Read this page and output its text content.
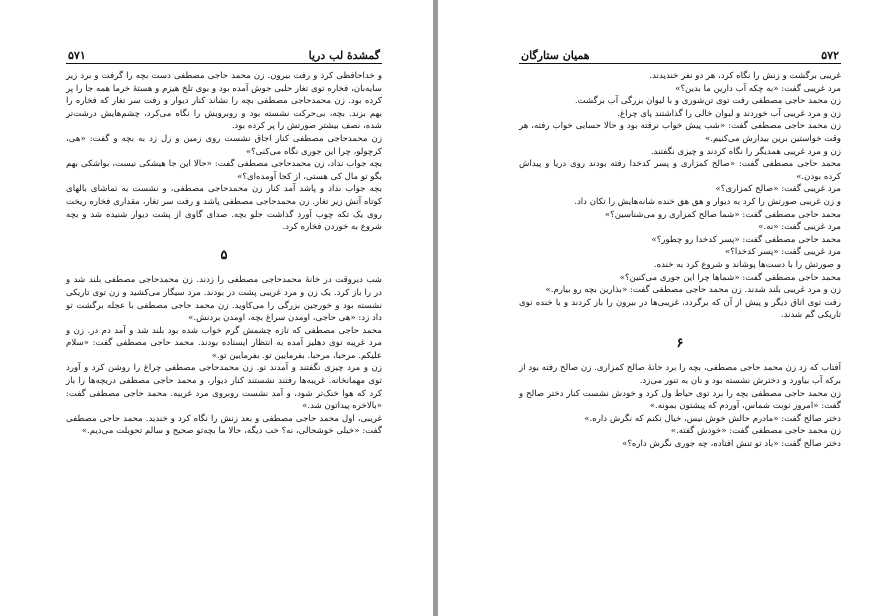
۵۷۱	گمشدهٔ لب دریا

و خداحافظی کرد و رفت بیرون. زن محمد حاجی مصطفی دست بچه را گرفت و برد زیر سایه‌بان، فخاره توی تغار حلبی جوش آمده بود و بوی تلخ هیزم و هستهٔ خرما همه جا را پر کرده بود. زن محمدحاجی مصطفی بچه را نشاند کنار دیوار و رفت سر تغار که فخاره را بهم بزند. بچه، بی‌حرکت نشسته بود و روبرویش را نگاه می‌کرد، چشم‌هایش درشت‌تر شده، نصف بیشتر صورتش را پر کرده بود.

زن محمدحاجی مصطفی کنار اجاق نشست روی زمین و زل زد به بچه و گفت: «هی، کرچولو، چرا این جوری نگاه می‌کنی؟»

بچه جواب نداد، زن محمدحاجی مصطفی گفت: «حالا این جا هیشکی نیست، بواشکی بهم بگو تو مال کی هستی، از کجا آومده‌ای؟»

بچه جواب نداد و پاشد آمد کنار زن محمدحاجی مصطفی، و نشست به تماشای بالهای کوتاه آتش زیر تغار. زن محمدحاجی مصطفی پاشد و رفت سر تغار، مقداری فخاره ریخت روی یک تکه چوب آورد گذاشت جلو بچه. صدای گاوی از پشت دیوار شنیده شد و بچه شروع به خوردن فخاره کرد.

۵

شب دیروقت در خانهٔ محمدحاجی مصطفی را زدند. زن محمدحاجی مصطفی بلند شد و در را باز کرد. یک زن و مرد غریبی پشت در بودند. مرد سیگار می‌کشید و زن توی تاریکی نشسته بود و خورجین بزرگی را می‌کاوید. زن محمد حاجی مصطفی با عجله برگشت تو داد زد: «هی حاجی، اومدن سراغ بچه، اومدن بردنش.»

محمد حاجی مصطفی که تازه چشمش گرم خواب شده بود بلند شد و آمد دم در. زن و مرد غریبه توی دهلیز آمده به انتظار ایستاده بودند. محمد حاجی مصطفی گفت: «سلام علیکم. مرحبا، مرحبا. بفرمایین تو. بفرمایین تو.»

زن و مرد چیزی نگفتند و آمدند تو. زن محمدحاجی مصطفی چراغ را روشن کرد و آورد توی مهمانخانه. غریبه‌ها رفتند نشستند کنار دیوار، و محمد حاجی مصطفی دریچه‌ها را باز کرد که هوا خنک‌تر شود، و آمد نشست روبروی مرد غریبه. محمد حاجی مصطفی گفت: «بالاخره پیداتون شد.»

غریبی، اول محمد حاجی مصطفی و بعد زنش را نگاه کرد و خندید. محمد حاجی مصطفی گفت: «خیلی خوشحالی، نه؟ خب دیگه، حالا ما بچه‌تو صحیح و سالم تحویلت می‌دیم.»

همیان ستارگان	۵۷۲

غریبی برگشت و زنش را نگاه کرد، هر دو نفر خندیدند.

مرد غریبی گفت: «به چکه آب دارین ما بدین؟»

زن محمد حاجی مصطفی رفت توی تن‌شوری و با لیوان بزرگی آب برگشت.

زن و مرد غریبی آب خوردند و لیوان خالی را گذاشتند پای چراغ.

زن محمد حاجی مصطفی گفت: «شب پیش خواب نرفته بود و حالا حسابی خواب رفته، هر وقت خواستین برین بیدارش می‌کنیم.»

زن و مرد غریبی همدیگر را نگاه کردند و چیزی نگفتند.

محمد حاجی مصطفی گفت: «صالح کمزاری و پسر کدخدا رفته بودند روی دریا و پیداش کرده بودن.»

مرد غریبی گفت: «صالح کمزاری؟»

و زن غریبی صورتش را کرد به دیوار و هق هق خنده شانه‌هایش را تکان داد.

محمد حاجی مصطفی گفت: «شما صالح کمزاری رو می‌شناسین؟»

مرد غریبی گفت: «نه.»

محمد حاجی مصطفی گفت: «پسر کدخدا رو چطور؟»

مرد غریبی گفت: «پسر کدخدا؟»

و صورتش را با دست‌ها پوشاند و شروع کرد به خنده.

محمد حاجی مصطفی گفت: «شماها چرا این جوری می‌کنین؟»

زن و مرد غریبی بلند شدند. زن محمد حاجی مصطفی گفت: «بذارین بچه رو بیارم.»

رفت توی اتاق دیگر و پیش از آن که برگردد، غریبی‌ها در بیرون را باز کردند و با خنده توی تاریکی گم شدند.

۶

آفتاب که زد زن محمد حاجی مصطفی، بچه را برد خانهٔ صالح کمزاری. زن صالح رفته بود از برکه آب بیاورد و دخترش نشسته بود و نان به تنور می‌زد.

زن محمد حاجی مصطفی بچه را برد توی حیاط ول کرد و خودش نشست کنار دختر صالح و گفت: «امروز نوبت شماس، آوردم که پیشتون بمونه.»

دختر صالح گفت: «مادرم حالش خوش نیس، خیال نکنم که نگرش داره.»

زن محمد حاجی مصطفی گفت: «خودش گفته.»

دختر صالح گفت: «باد تو تنش افتاده، چه جوری نگرش داره؟»
